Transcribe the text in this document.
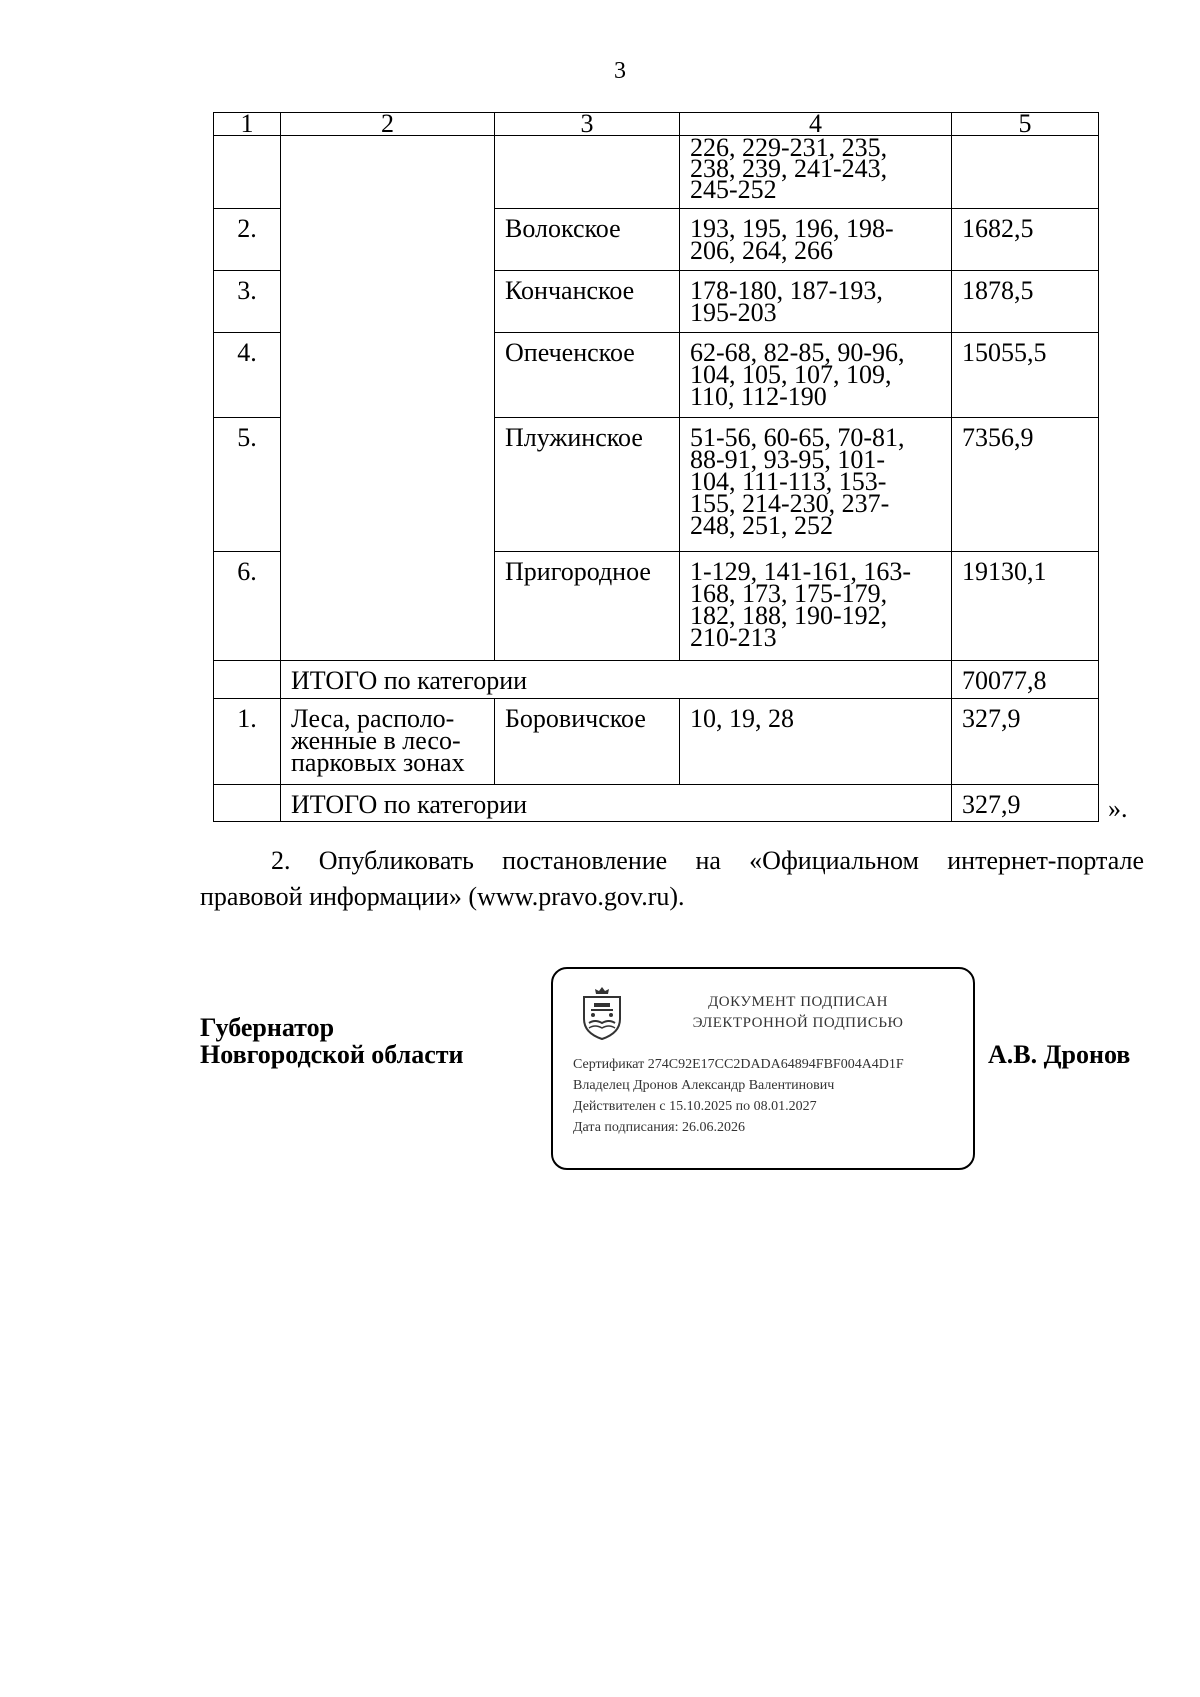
3
1	2	3	4	5
			226, 229-231, 235,
238, 239, 241-243,
245-252	
2.		Волокское	193, 195, 196, 198-
206, 264, 266	1682,5
3.		Кончанское	178-180, 187-193,
195-203	1878,5
4.		Опеченское	62-68, 82-85, 90-96,
104, 105, 107, 109,
110, 112-190	15055,5
5.		Плужинское	51-56, 60-65, 70-81,
88-91, 93-95, 101-
104, 111-113, 153-
155, 214-230, 237-
248, 251, 252	7356,9
6.		Пригородное	1-129, 141-161, 163-
168, 173, 175-179,
182, 188, 190-192,
210-213	19130,1
	ИТОГО по категории			70077,8
1.	Леса, располо-
женные в лесо-
парковых зонах	Боровичское	10, 19, 28	327,9
	ИТОГО по категории			327,9	».
2. Опубликовать постановление на «Официальном интернет-портале правовой информации» (www.pravo.gov.ru).
Губернатор
Новгородской области
ДОКУМЕНТ ПОДПИСАН
ЭЛЕКТРОННОЙ ПОДПИСЬЮ
Сертификат 274C92E17CC2DADA64894FBF004A4D1F
Владелец Дронов Александр Валентинович
Действителен с 15.10.2025 по 08.01.2027
Дата подписания: 26.06.2026
А.В. Дронов
